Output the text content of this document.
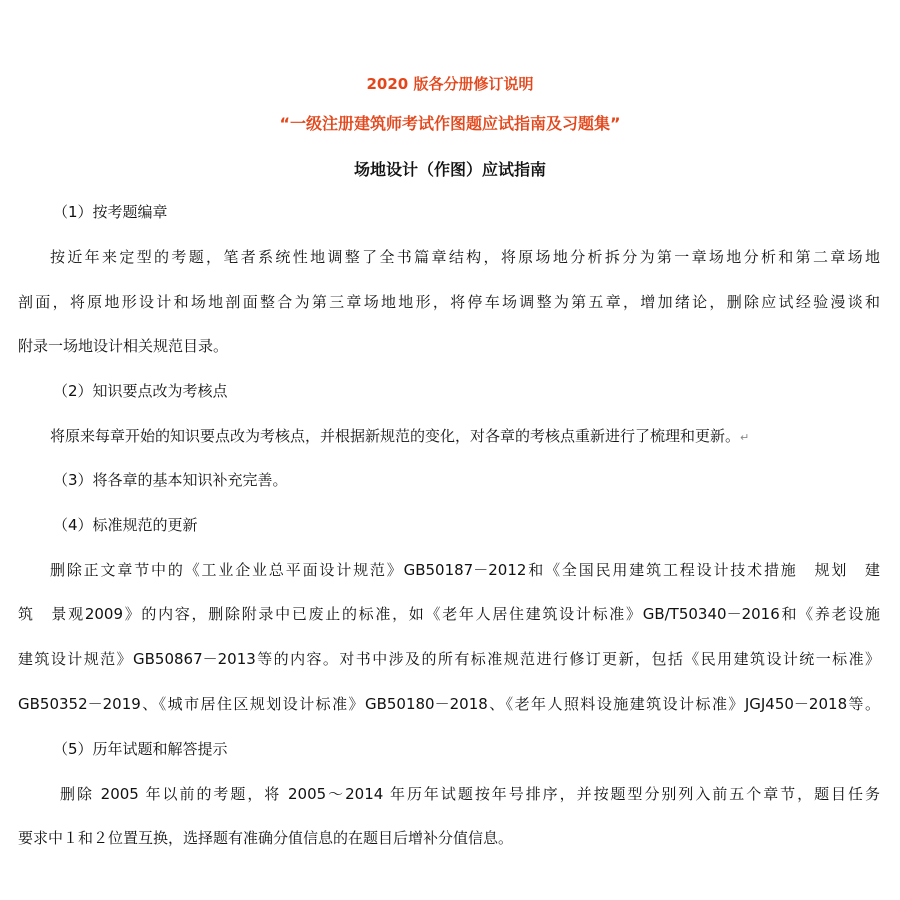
2020 版各分册修订说明
“一级注册建筑师考试作图题应试指南及习题集”
场地设计（作图）应试指南
（1）按考题编章
按近年来定型的考题，笔者系统性地调整了全书篇章结构，将原场地分析拆分为第一章场地分析和第二章场地
剖面，将原地形设计和场地剖面整合为第三章场地地形，将停车场调整为第五章，增加绪论，删除应试经验漫谈和
附录一场地设计相关规范目录。
（2）知识要点改为考核点
将原来每章开始的知识要点改为考核点，并根据新规范的变化，对各章的考核点重新进行了梳理和更新。↵
（3）将各章的基本知识补充完善。
（4）标准规范的更新
删除正文章节中的《工业企业总平面设计规范》GB50187－2012和《全国民用建筑工程设计技术措施　规划　建
筑　景观2009》的内容，删除附录中已废止的标准，如《老年人居住建筑设计标准》GB/T50340－2016和《养老设施
建筑设计规范》GB50867－2013等的内容。对书中涉及的所有标准规范进行修订更新，包括《民用建筑设计统一标准》
GB50352－2019、《城市居住区规划设计标准》GB50180－2018、《老年人照料设施建筑设计标准》JGJ450－2018等。
（5）历年试题和解答提示
删除 2005 年以前的考题，将 2005～2014 年历年试题按年号排序，并按题型分别列入前五个章节，题目任务
要求中１和２位置互换，选择题有准确分值信息的在题目后增补分值信息。
